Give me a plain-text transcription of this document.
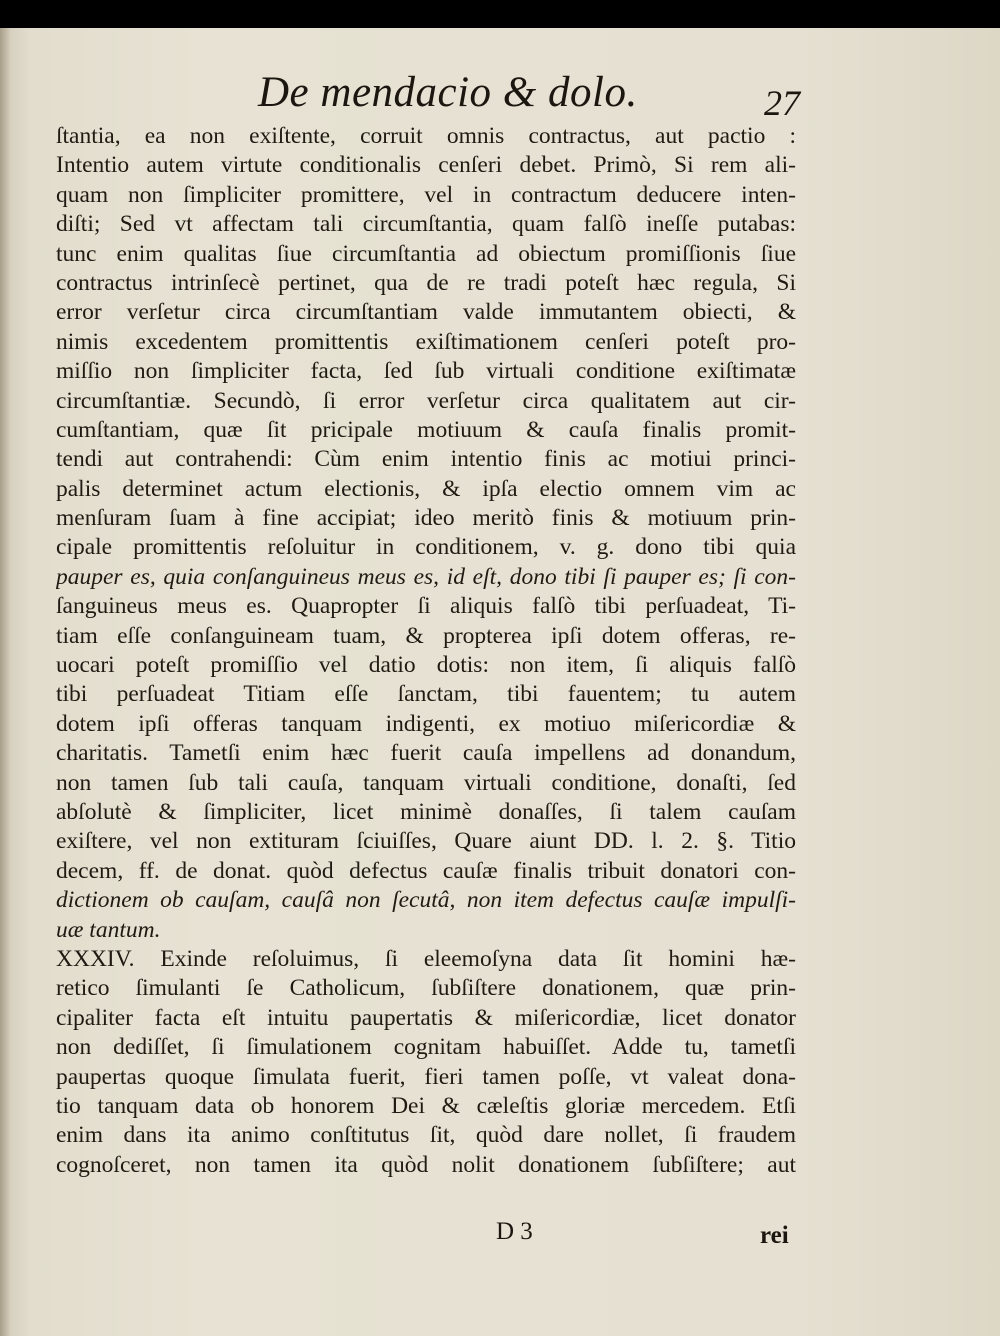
De mendacio & dolo.	27
ſtantia, ea non exiſtente, corruit omnis contractus, aut pactio :
Intentio autem virtute conditionalis cenſeri debet. Primò, Si rem ali-
quam non ſimpliciter promittere, vel in contractum deducere inten-
diſti; Sed vt affectam tali circumſtantia, quam falſò ineſſe putabas:
tunc enim qualitas ſiue circumſtantia ad obiectum promiſſionis ſiue
contractus intrinſecè pertinet, qua de re tradi poteſt hæc regula, Si
error verſetur circa circumſtantiam valde immutantem obiecti, &
nimis excedentem promittentis exiſtimationem cenſeri poteſt pro-
miſſio non ſimpliciter facta, ſed ſub virtuali conditione exiſtimatæ
circumſtantiæ. Secundò, ſi error verſetur circa qualitatem aut cir-
cumſtantiam, quæ ſit pricipale motiuum & cauſa finalis promit-
tendi aut contrahendi: Cùm enim intentio finis ac motiui princi-
palis determinet actum electionis, & ipſa electio omnem vim ac
menſuram ſuam à fine accipiat; ideo meritò finis & motiuum prin-
cipale promittentis reſoluitur in conditionem, v. g. dono tibi quia
pauper es, quia conſanguineus meus es, id eſt, dono tibi ſi pauper es; ſi con-
ſanguineus meus es. Quapropter ſi aliquis falſò tibi perſuadeat, Ti-
tiam eſſe conſanguineam tuam, & propterea ipſi dotem offeras, re-
uocari poteſt promiſſio vel datio dotis: non item, ſi aliquis falſò
tibi perſuadeat Titiam eſſe ſanctam, tibi fauentem; tu autem
dotem ipſi offeras tanquam indigenti, ex motiuo miſericordiæ &
charitatis. Tametſi enim hæc fuerit cauſa impellens ad donandum,
non tamen ſub tali cauſa, tanquam virtuali conditione, donaſti, ſed
abſolutè & ſimpliciter, licet minimè donaſſes, ſi talem cauſam
exiſtere, vel non extituram ſciuiſſes, Quare aiunt DD. l. 2. §. Titio
decem, ff. de donat. quòd defectus cauſæ finalis tribuit donatori con-
dictionem ob cauſam, cauſâ non ſecutâ, non item defectus cauſæ impulſi-
uæ tantum.
XXXIV. Exinde reſoluimus, ſi eleemoſyna data ſit homini hæ-
retico ſimulanti ſe Catholicum, ſubſiſtere donationem, quæ prin-
cipaliter facta eſt intuitu paupertatis & miſericordiæ, licet donator
non dediſſet, ſi ſimulationem cognitam habuiſſet. Adde tu, tametſi
paupertas quoque ſimulata fuerit, fieri tamen poſſe, vt valeat dona-
tio tanquam data ob honorem Dei & cæleſtis gloriæ mercedem. Etſi
enim dans ita animo conſtitutus ſit, quòd dare nollet, ſi fraudem
cognoſceret, non tamen ita quòd nolit donationem ſubſiſtere; aut
D 3	rei
